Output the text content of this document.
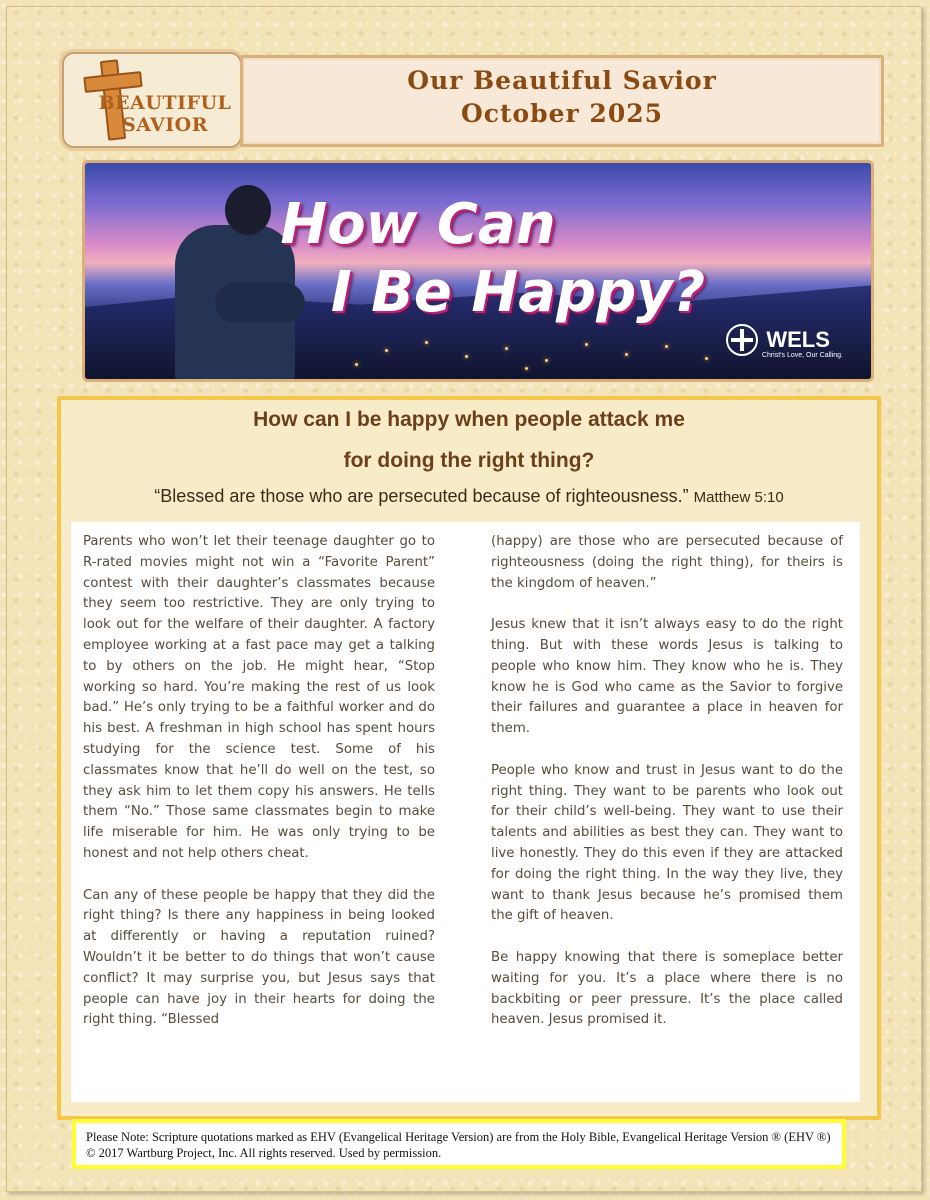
BEAUTIFUL
SAVIOR

Our Beautiful Savior

October 2025

How Can
I Be Happy?
WELS
Christ's Love, Our Calling.
How can I be happy when people attack me
for doing the right thing?
“Blessed are those who are persecuted because of righteousness.” Matthew 5:10

Parents who won’t let their teenage daughter go to R-rated movies might not win a “Favorite Parent” contest with their daughter’s classmates because they seem too restrictive. They are only trying to look out for the welfare of their daughter. A factory employee working at a fast pace may get a talking to by others on the job. He might hear, “Stop working so hard. You’re making the rest of us look bad.” He’s only trying to be a faithful worker and do his best. A freshman in high school has spent hours studying for the science test. Some of his classmates know that he’ll do well on the test, so they ask him to let them copy his answers. He tells them “No.” Those same classmates begin to make life miserable for him. He was only trying to be honest and not help others cheat.

Can any of these people be happy that they did the right thing? Is there any happiness in being looked at differently or having a reputation ruined? Wouldn’t it be better to do things that won’t cause conflict? It may surprise you, but Jesus says that people can have joy in their hearts for doing the right thing. “Blessed

(happy) are those who are persecuted because of righteousness (doing the right thing), for theirs is the kingdom of heaven.”

Jesus knew that it isn’t always easy to do the right thing. But with these words Jesus is talking to people who know him. They know who he is. They know he is God who came as the Savior to forgive their failures and guarantee a place in heaven for them.

People who know and trust in Jesus want to do the right thing. They want to be parents who look out for their child’s well-being. They want to use their talents and abilities as best they can. They want to live honestly. They do this even if they are attacked for doing the right thing. In the way they live, they want to thank Jesus because he’s promised them the gift of heaven.

Be happy knowing that there is someplace better waiting for you. It’s a place where there is no backbiting or peer pressure. It’s the place called heaven. Jesus promised it.

Please Note: Scripture quotations marked as EHV (Evangelical Heritage Version) are from the Holy Bible, Evangelical Heritage Version ® (EHV ®) © 2017 Wartburg Project, Inc. All rights reserved. Used by permission.
